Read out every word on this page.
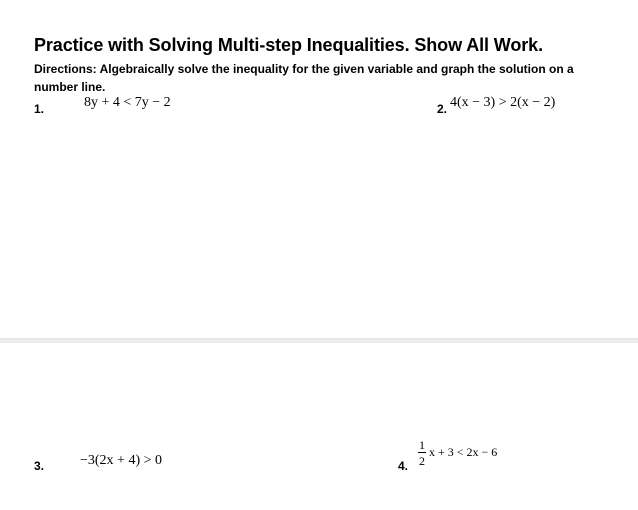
Practice with Solving Multi-step Inequalities. Show All Work.
Directions: Algebraically solve the inequality for the given variable and graph the solution on a number line.
1.	8y + 4 < 7y − 2	2. 4(x − 3) > 2(x − 2)
3.	−3(2x + 4) > 0	4.
1
2
x + 3 < 2x − 6
